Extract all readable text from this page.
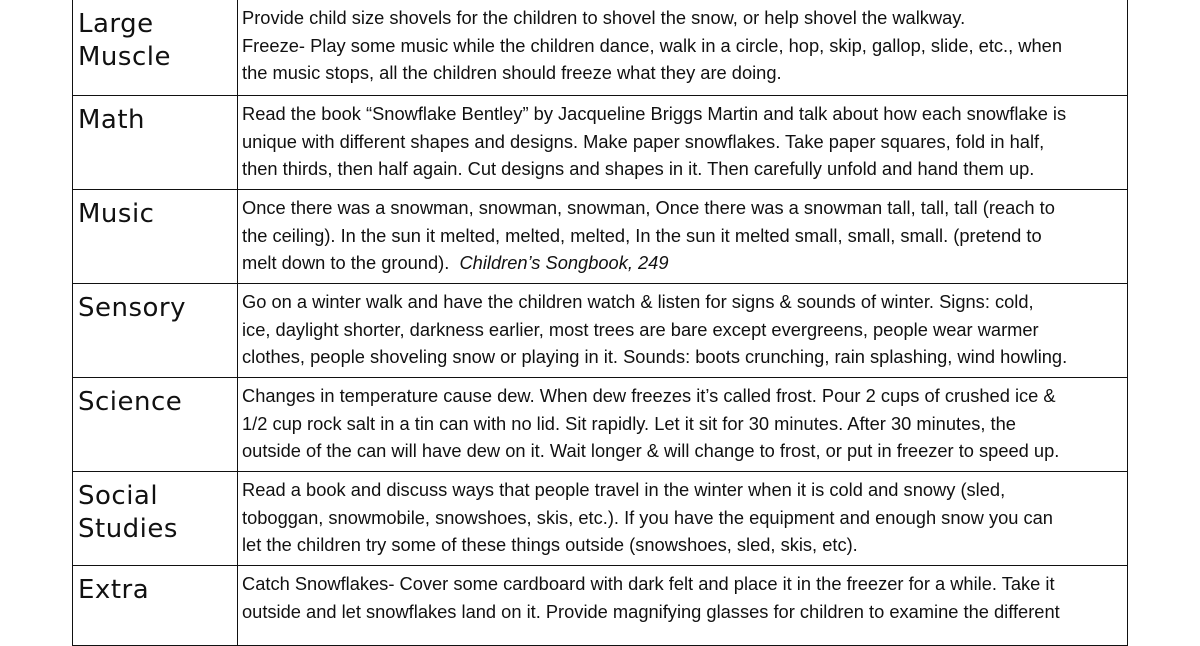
Large
Muscle	Provide child size shovels for the children to shovel the snow, or help shovel the walkway.
Freeze- Play some music while the children dance, walk in a circle, hop, skip, gallop, slide, etc., when
the music stops, all the children should freeze what they are doing.

Math	Read the book “Snowflake Bentley” by Jacqueline Briggs Martin and talk about how each snowflake is
unique with different shapes and designs. Make paper snowflakes. Take paper squares, fold in half,
then thirds, then half again. Cut designs and shapes in it. Then carefully unfold and hand them up.

Music	Once there was a snowman, snowman, snowman, Once there was a snowman tall, tall, tall (reach to
the ceiling). In the sun it melted, melted, melted, In the sun it melted small, small, small. (pretend to
melt down to the ground). Children’s Songbook, 249

Sensory	Go on a winter walk and have the children watch & listen for signs & sounds of winter. Signs: cold,
ice, daylight shorter, darkness earlier, most trees are bare except evergreens, people wear warmer
clothes, people shoveling snow or playing in it. Sounds: boots crunching, rain splashing, wind howling.

Science	Changes in temperature cause dew. When dew freezes it’s called frost. Pour 2 cups of crushed ice &
1/2 cup rock salt in a tin can with no lid. Sit rapidly. Let it sit for 30 minutes. After 30 minutes, the
outside of the can will have dew on it. Wait longer & will change to frost, or put in freezer to speed up.

Social
Studies	Read a book and discuss ways that people travel in the winter when it is cold and snowy (sled,
toboggan, snowmobile, snowshoes, skis, etc.). If you have the equipment and enough snow you can
let the children try some of these things outside (snowshoes, sled, skis, etc).

Extra	Catch Snowflakes- Cover some cardboard with dark felt and place it in the freezer for a while. Take it
outside and let snowflakes land on it. Provide magnifying glasses for children to examine the different
